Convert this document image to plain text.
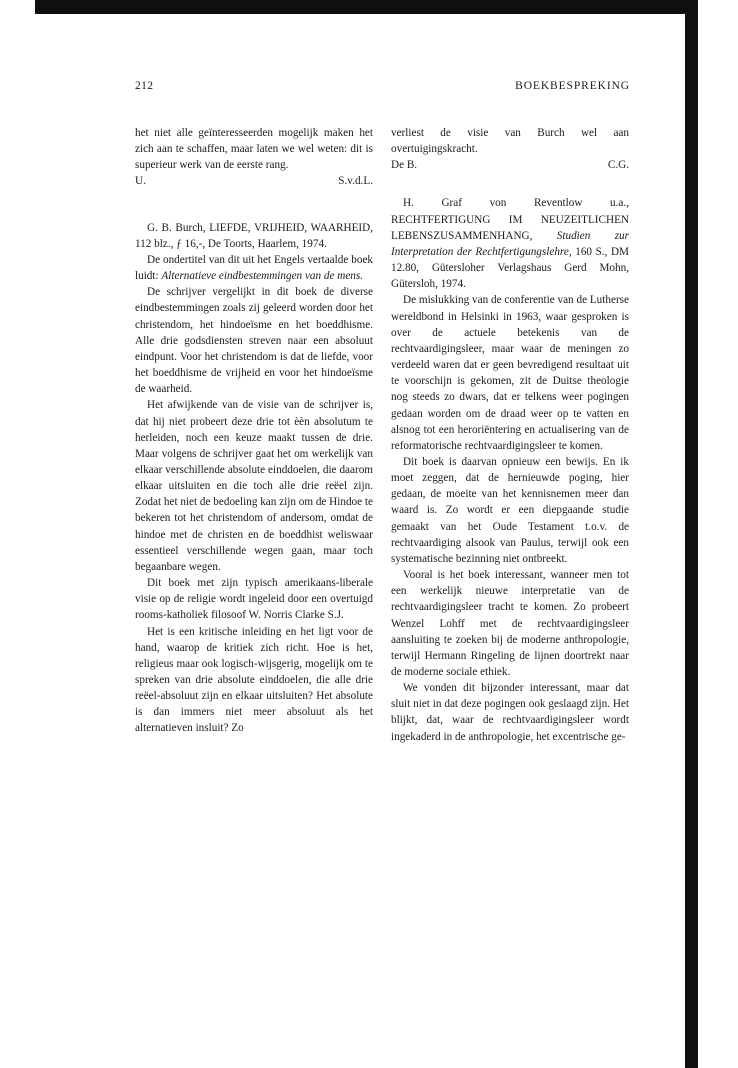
212	BOEKBESPREKING

het niet alle geïnteresseerden mogelijk maken het zich aan te schaffen, maar laten we wel weten: dit is superieur werk van de eerste rang.

U.	S.v.d.L.

G. B. Burch, LIEFDE, VRIJHEID, WAARHEID, 112 blz., ƒ 16,-, De Toorts, Haarlem, 1974.

De ondertitel van dit uit het Engels vertaalde boek luidt: Alternatieve eindbestemmingen van de mens.

De schrijver vergelijkt in dit boek de diverse eindbestemmingen zoals zij geleerd worden door het christendom, het hindoeïsme en het boeddhisme. Alle drie godsdiensten streven naar een absoluut eindpunt. Voor het christendom is dat de liefde, voor het boeddhisme de vrijheid en voor het hindoeïsme de waarheid.

Het afwijkende van de visie van de schrijver is, dat hij niet probeert deze drie tot èèn absolutum te herleiden, noch een keuze maakt tussen de drie. Maar volgens de schrijver gaat het om werkelijk van elkaar verschillende absolute einddoelen, die daarom elkaar uitsluiten en die toch alle drie reëel zijn. Zodat het niet de bedoeling kan zijn om de Hindoe te bekeren tot het christendom of andersom, omdat de hindoe met de christen en de boeddhist weliswaar essentieel verschillende wegen gaan, maar toch begaanbare wegen.

Dit boek met zijn typisch amerikaans-liberale visie op de religie wordt ingeleid door een overtuigd rooms-katholiek filosoof W. Norris Clarke S.J.

Het is een kritische inleiding en het ligt voor de hand, waarop de kritiek zich richt. Hoe is het, religieus maar ook logisch-wijsgerig, mogelijk om te spreken van drie absolute einddoelen, die alle drie reëel-absoluut zijn en elkaar uitsluiten? Het absolute is dan immers niet meer absoluut als het alternatieven insluit? Zo

verliest de visie van Burch wel aan overtuigingskracht.

De B.	C.G.

H. Graf von Reventlow u.a., RECHTFERTIGUNG IM NEUZEITLICHEN LEBENSZUSAMMENHANG, Studien zur Interpretation der Rechtfertigungslehre, 160 S., DM 12.80, Gütersloher Verlagshaus Gerd Mohn, Gütersloh, 1974.

De mislukking van de conferentie van de Lutherse wereldbond in Helsinki in 1963, waar gesproken is over de actuele betekenis van de rechtvaardigingsleer, maar waar de meningen zo verdeeld waren dat er geen bevredigend resultaat uit te voorschijn is gekomen, zit de Duitse theologie nog steeds zo dwars, dat er telkens weer pogingen gedaan worden om de draad weer op te vatten en alsnog tot een heroriëntering en actualisering van de reformatorische rechtvaardigingsleer te komen.

Dit boek is daarvan opnieuw een bewijs. En ik moet zeggen, dat de hernieuwde poging, hier gedaan, de moeite van het kennisnemen meer dan waard is. Zo wordt er een diepgaande studie gemaakt van het Oude Testament t.o.v. de rechtvaardiging alsook van Paulus, terwijl ook een systematische bezinning niet ontbreekt.

Vooral is het boek interessant, wanneer men tot een werkelijk nieuwe interpretatie van de rechtvaardigingsleer tracht te komen. Zo probeert Wenzel Lohff met de rechtvaardigingsleer aansluiting te zoeken bij de moderne anthropologie, terwijl Hermann Ringeling de lijnen doortrekt naar de moderne sociale ethiek.

We vonden dit bijzonder interessant, maar dat sluit niet in dat deze pogingen ook geslaagd zijn. Het blijkt, dat, waar de rechtvaardigingsleer wordt ingekaderd in de anthropologie, het excentrische ge-
